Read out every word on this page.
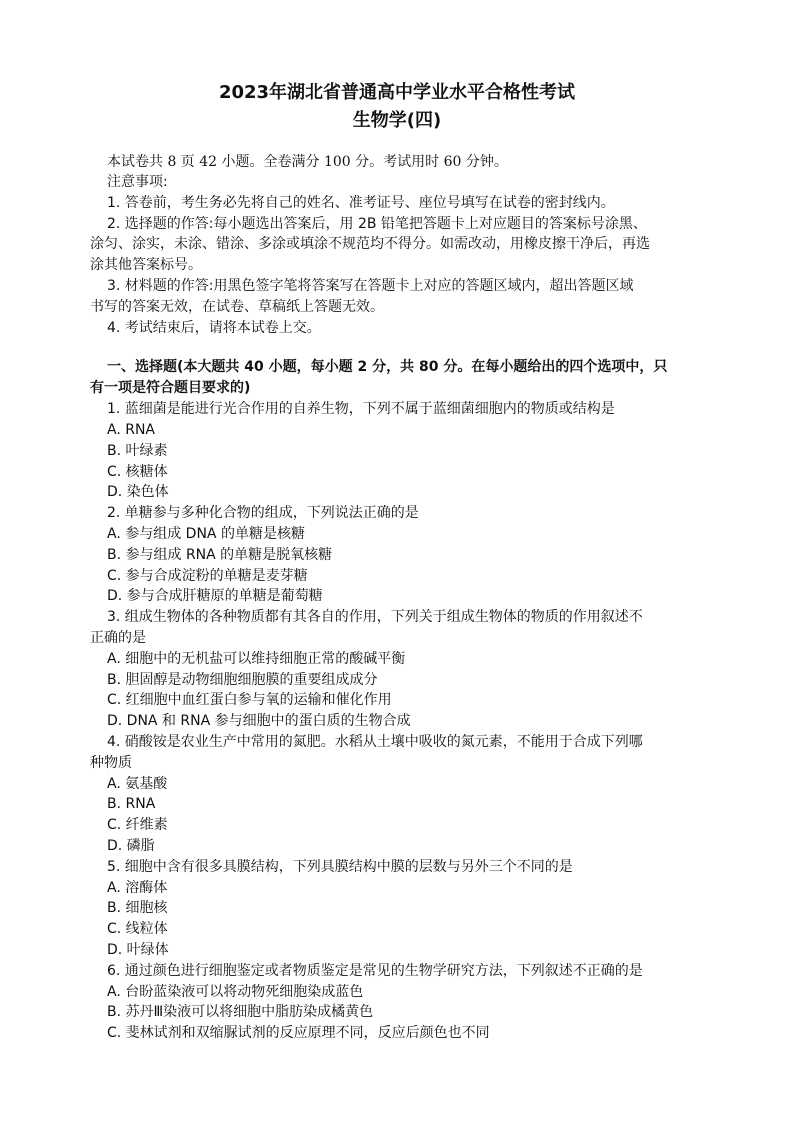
2023年湖北省普通高中学业水平合格性考试
生物学(四)
本试卷共 8 页 42 小题。全卷满分 100 分。考试用时 60 分钟。
注意事项:
1. 答卷前，考生务必先将自己的姓名、准考证号、座位号填写在试卷的密封线内。
2. 选择题的作答:每小题选出答案后，用 2B 铅笔把答题卡上对应题目的答案标号涂黑、
涂匀、涂实，未涂、错涂、多涂或填涂不规范均不得分。如需改动，用橡皮擦干净后，再选
涂其他答案标号。
3. 材料题的作答:用黑色签字笔将答案写在答题卡上对应的答题区域内，超出答题区域
书写的答案无效，在试卷、草稿纸上答题无效。
4. 考试结束后，请将本试卷上交。
一、选择题(本大题共 40 小题，每小题 2 分，共 80 分。在每小题给出的四个选项中，只
有一项是符合题目要求的)
1. 蓝细菌是能进行光合作用的自养生物，下列不属于蓝细菌细胞内的物质或结构是
A. RNA
B. 叶绿素
C. 核糖体
D. 染色体
2. 单糖参与多种化合物的组成，下列说法正确的是
A. 参与组成 DNA 的单糖是核糖
B. 参与组成 RNA 的单糖是脱氧核糖
C. 参与合成淀粉的单糖是麦芽糖
D. 参与合成肝糖原的单糖是葡萄糖
3. 组成生物体的各种物质都有其各自的作用，下列关于组成生物体的物质的作用叙述不
正确的是
A. 细胞中的无机盐可以维持细胞正常的酸碱平衡
B. 胆固醇是动物细胞细胞膜的重要组成成分
C. 红细胞中血红蛋白参与氧的运输和催化作用
D. DNA 和 RNA 参与细胞中的蛋白质的生物合成
4. 硝酸铵是农业生产中常用的氮肥。水稻从土壤中吸收的氮元素，不能用于合成下列哪
种物质
A. 氨基酸
B. RNA
C. 纤维素
D. 磷脂
5. 细胞中含有很多具膜结构，下列具膜结构中膜的层数与另外三个不同的是
A. 溶酶体
B. 细胞核
C. 线粒体
D. 叶绿体
6. 通过颜色进行细胞鉴定或者物质鉴定是常见的生物学研究方法，下列叙述不正确的是
A. 台盼蓝染液可以将动物死细胞染成蓝色
B. 苏丹Ⅲ染液可以将细胞中脂肪染成橘黄色
C. 斐林试剂和双缩脲试剂的反应原理不同，反应后颜色也不同
